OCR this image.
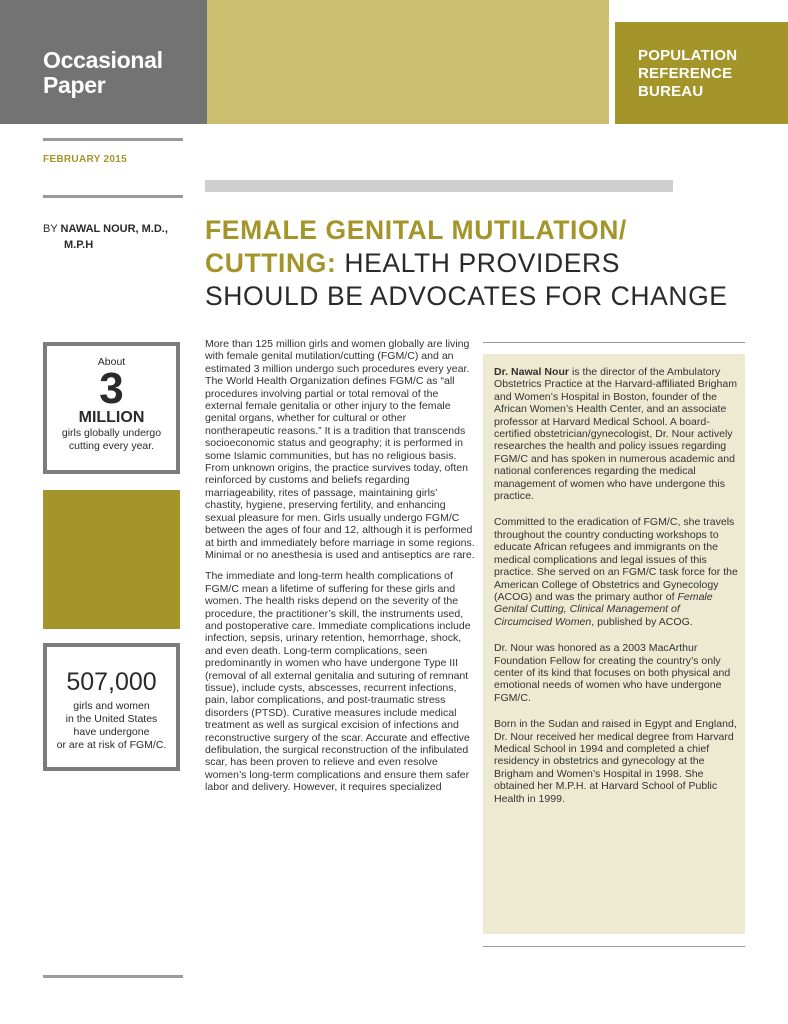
Occasional
Paper
POPULATION
REFERENCE
BUREAU
FEBRUARY 2015
BY NAWAL NOUR, M.D.,
M.P.H	FEMALE GENITAL MUTILATION/
CUTTING: HEALTH PROVIDERS
SHOULD BE ADVOCATES FOR CHANGE
About
3
MILLION
girls globally undergo
cutting every year.
507,000
girls and women
in the United States
have undergone
or are at risk of FGM/C.

More than 125 million girls and women globally are living with female genital mutilation/cutting (FGM/C) and an estimated 3 million undergo such procedures every year. The World Health Organization defines FGM/C as “all procedures involving partial or total removal of the external female genitalia or other injury to the female genital organs, whether for cultural or other nontherapeutic reasons.” It is a tradition that transcends socioeconomic status and geography; it is performed in some Islamic communities, but has no religious basis. From unknown origins, the practice survives today, often reinforced by customs and beliefs regarding marriageability, rites of passage, maintaining girls’ chastity, hygiene, preserving fertility, and enhancing sexual pleasure for men. Girls usually undergo FGM/C between the ages of four and 12, although it is performed at birth and immediately before marriage in some regions. Minimal or no anesthesia is used and antiseptics are rare.

The immediate and long-term health complications of FGM/C mean a lifetime of suffering for these girls and women. The health risks depend on the severity of the procedure, the practitioner’s skill, the instruments used, and postoperative care. Immediate complications include infection, sepsis, urinary retention, hemorrhage, shock, and even death. Long-term complications, seen predominantly in women who have undergone Type III (removal of all external genitalia and suturing of remnant tissue), include cysts, abscesses, recurrent infections, pain, labor complications, and post-traumatic stress disorders (PTSD). Curative measures include medical treatment as well as surgical excision of infections and reconstructive surgery of the scar. Accurate and effective defibulation, the surgical reconstruction of the infibulated scar, has been proven to relieve and even resolve women’s long-term complications and ensure them safer labor and delivery. However, it requires specialized

Dr. Nawal Nour is the director of the Ambulatory Obstetrics Practice at the Harvard-affiliated Brigham and Women’s Hospital in Boston, founder of the African Women’s Health Center, and an associate professor at Harvard Medical School. A board-certified obstetrician/gynecologist, Dr. Nour actively researches the health and policy issues regarding FGM/C and has spoken in numerous academic and national conferences regarding the medical management of women who have undergone this practice.

Committed to the eradication of FGM/C, she travels throughout the country conducting workshops to educate African refugees and immigrants on the medical complications and legal issues of this practice. She served on an FGM/C task force for the American College of Obstetrics and Gynecology (ACOG) and was the primary author of Female Genital Cutting, Clinical Management of Circumcised Women, published by ACOG.

Dr. Nour was honored as a 2003 MacArthur Foundation Fellow for creating the country’s only center of its kind that focuses on both physical and emotional needs of women who have undergone FGM/C.

Born in the Sudan and raised in Egypt and England, Dr. Nour received her medical degree from Harvard Medical School in 1994 and completed a chief residency in obstetrics and gynecology at the Brigham and Women’s Hospital in 1998. She obtained her M.P.H. at Harvard School of Public Health in 1999.
